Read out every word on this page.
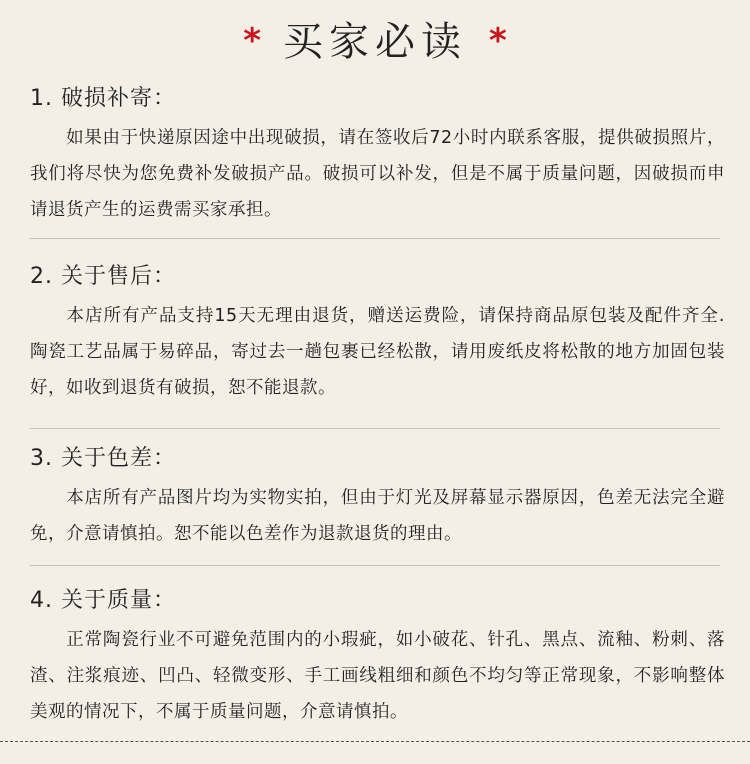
* 买家必读 *
1. 破损补寄：
如果由于快递原因途中出现破损，请在签收后72小时内联系客服，提供破损照片，我们将尽快为您免费补发破损产品。破损可以补发，但是不属于质量问题，因破损而申请退货产生的运费需买家承担。
2. 关于售后：
本店所有产品支持15天无理由退货，赠送运费险，请保持商品原包装及配件齐全. 陶瓷工艺品属于易碎品，寄过去一趟包裹已经松散，请用废纸皮将松散的地方加固包装好，如收到退货有破损，恕不能退款。
3. 关于色差：
本店所有产品图片均为实物实拍，但由于灯光及屏幕显示器原因，色差无法完全避免，介意请慎拍。恕不能以色差作为退款退货的理由。
4. 关于质量：
正常陶瓷行业不可避免范围内的小瑕疵，如小破花、针孔、黑点、流釉、粉刺、落渣、注浆痕迹、凹凸、轻微变形、手工画线粗细和颜色不均匀等正常现象，不影响整体美观的情况下，不属于质量问题，介意请慎拍。
